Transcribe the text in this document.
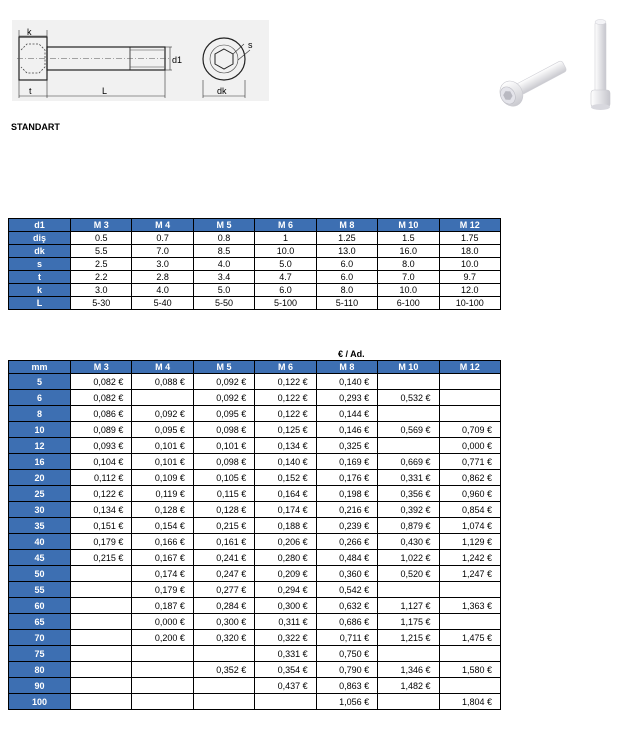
k
t	L
d1
dk
s
STANDART
d1	M 3	M 4	M 5	M 6	M 8	M 10	M 12
diş	0.5	0.7	0.8	1	1.25	1.5	1.75
dk	5.5	7.0	8.5	10.0	13.0	16.0	18.0
s	2.5	3.0	4.0	5.0	6.0	8.0	10.0
t	2.2	2.8	3.4	4.7	6.0	7.0	9.7
k	3.0	4.0	5.0	6.0	8.0	10.0	12.0
L	5-30	5-40	5-50	5-100	5-110	6-100	10-100
€ / Ad.
mm	M 3	M 4	M 5	M 6	M 8	M 10	M 12
5	0,082 €	0,088 €	0,092 €	0,122 €	0,140 €		
6	0,082 €		0,092 €	0,122 €	0,293 €	0,532 €	
8	0,086 €	0,092 €	0,095 €	0,122 €	0,144 €		
10	0,089 €	0,095 €	0,098 €	0,125 €	0,146 €	0,569 €	0,709 €
12	0,093 €	0,101 €	0,101 €	0,134 €	0,325 €		0,000 €
16	0,104 €	0,101 €	0,098 €	0,140 €	0,169 €	0,669 €	0,771 €
20	0,112 €	0,109 €	0,105 €	0,152 €	0,176 €	0,331 €	0,862 €
25	0,122 €	0,119 €	0,115 €	0,164 €	0,198 €	0,356 €	0,960 €
30	0,134 €	0,128 €	0,128 €	0,174 €	0,216 €	0,392 €	0,854 €
35	0,151 €	0,154 €	0,215 €	0,188 €	0,239 €	0,879 €	1,074 €
40	0,179 €	0,166 €	0,161 €	0,206 €	0,266 €	0,430 €	1,129 €
45	0,215 €	0,167 €	0,241 €	0,280 €	0,484 €	1,022 €	1,242 €
50		0,174 €	0,247 €	0,209 €	0,360 €	0,520 €	1,247 €
55		0,179 €	0,277 €	0,294 €	0,542 €		
60		0,187 €	0,284 €	0,300 €	0,632 €	1,127 €	1,363 €
65		0,000 €	0,300 €	0,311 €	0,686 €	1,175 €	
70		0,200 €	0,320 €	0,322 €	0,711 €	1,215 €	1,475 €
75				0,331 €	0,750 €		
80			0,352 €	0,354 €	0,790 €	1,346 €	1,580 €
90				0,437 €	0,863 €	1,482 €	
100					1,056 €		1,804 €
